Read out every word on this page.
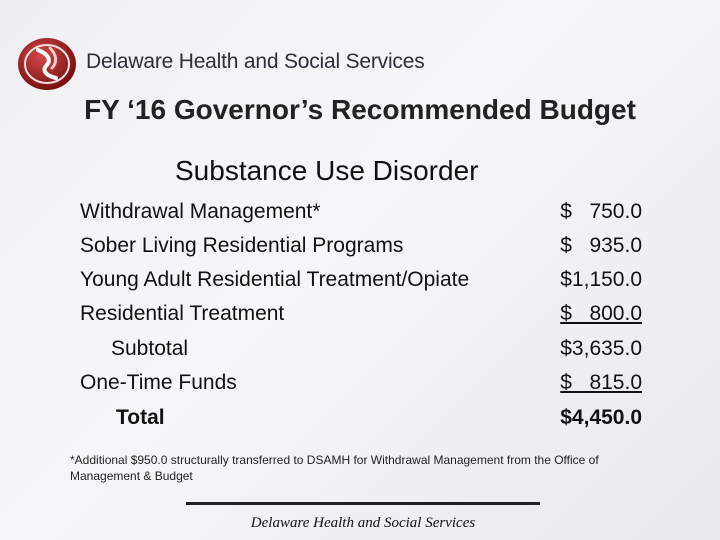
Delaware Health and Social Services
FY ‘16 Governor’s Recommended Budget
Substance Use Disorder
Withdrawal Management*	$   750.0
Sober Living Residential Programs	$   935.0
Young Adult Residential Treatment/Opiate	$1,150.0
Residential Treatment	$   800.0
Subtotal	$3,635.0
One-Time Funds	$   815.0
Total	$4,450.0
*Additional $950.0 structurally transferred to DSAMH for Withdrawal Management from the Office of Management & Budget
Delaware Health and Social Services
